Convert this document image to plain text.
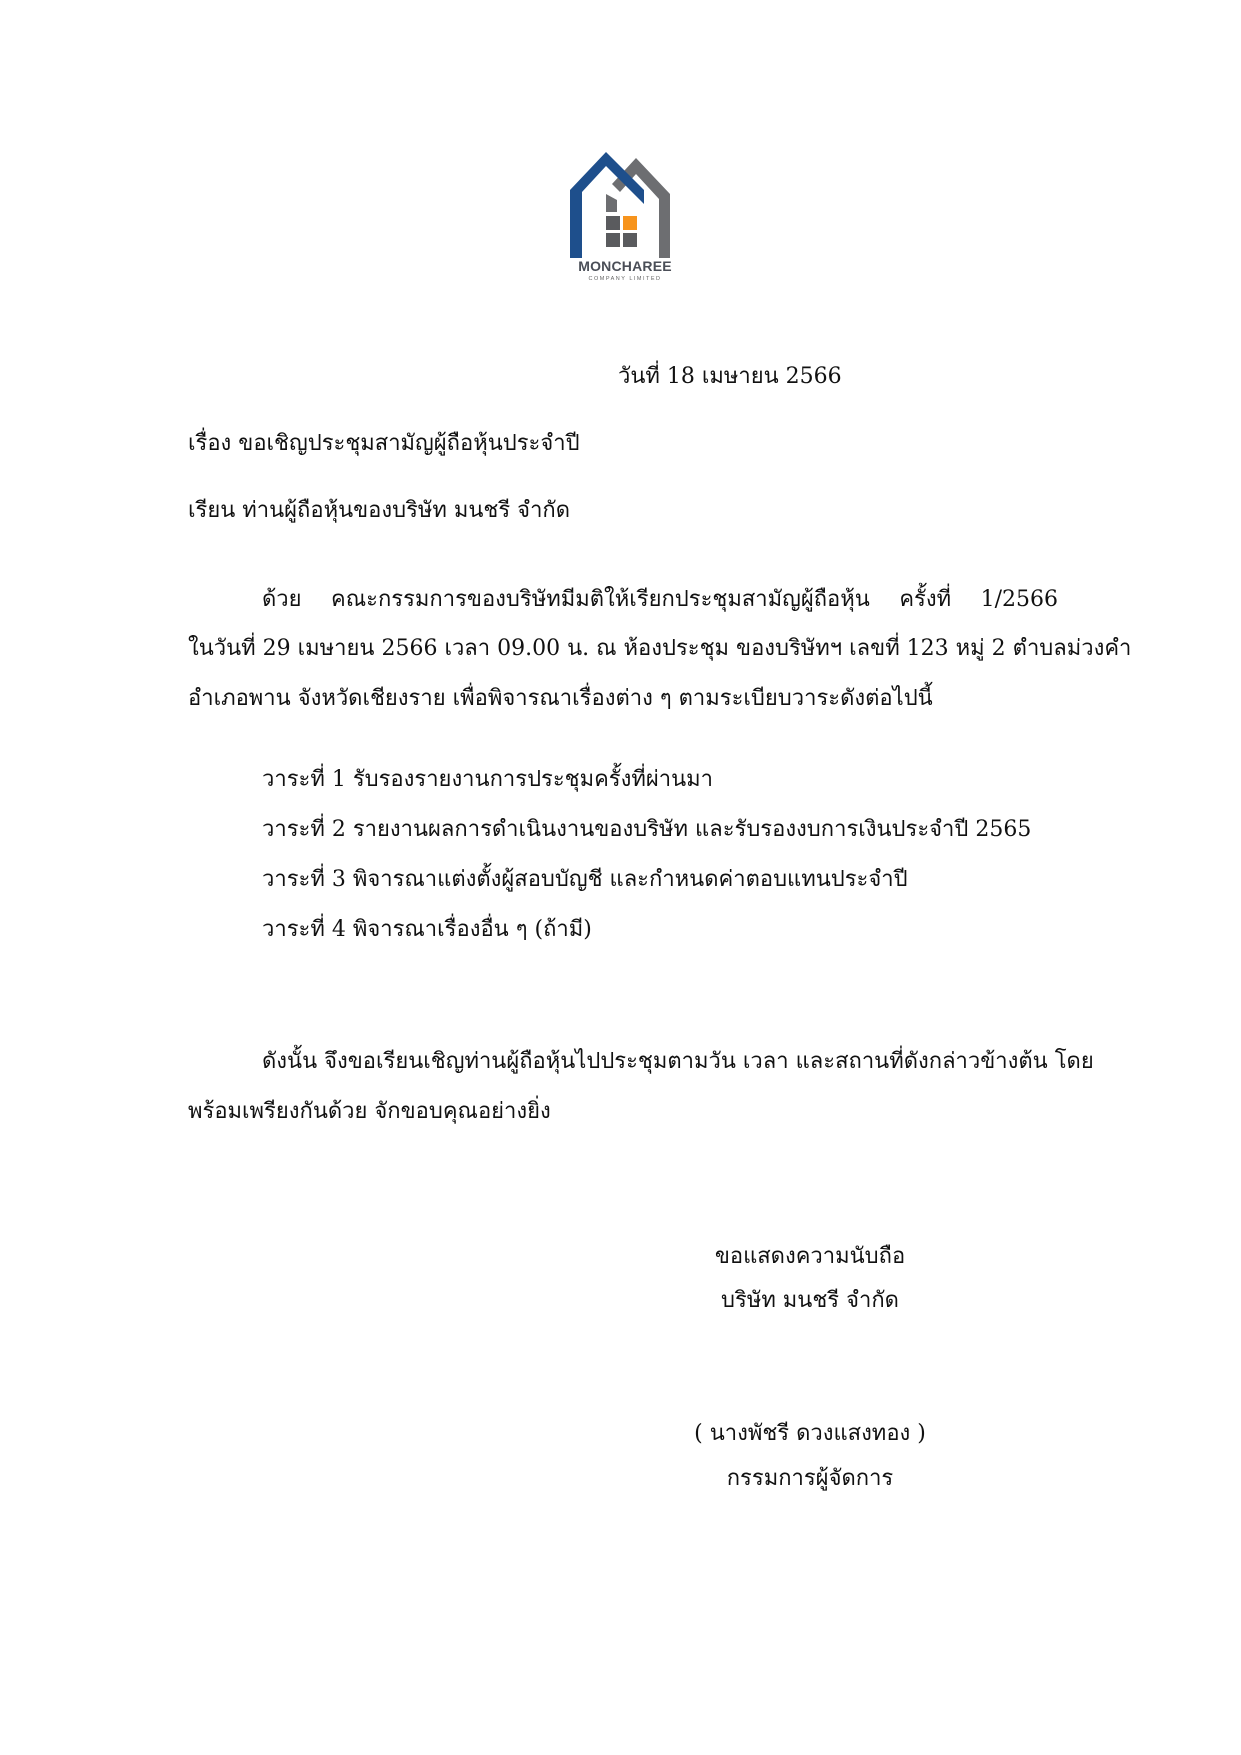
MONCHAREE
COMPANY LIMITED
วันที่ 18 เมษายน 2566
เรื่อง ขอเชิญประชุมสามัญผู้ถือหุ้นประจำปี
เรียน ท่านผู้ถือหุ้นของบริษัท มนชรี จำกัด
ด้วย คณะกรรมการของบริษัทมีมติให้เรียกประชุมสามัญผู้ถือหุ้น ครั้งที่ 1/2566
ในวันที่ 29 เมษายน 2566 เวลา 09.00 น. ณ ห้องประชุม ของบริษัทฯ เลขที่ 123 หมู่ 2 ตำบลม่วงคำ
อำเภอพาน จังหวัดเชียงราย เพื่อพิจารณาเรื่องต่าง ๆ ตามระเบียบวาระดังต่อไปนี้
วาระที่ 1 รับรองรายงานการประชุมครั้งที่ผ่านมา
วาระที่ 2 รายงานผลการดำเนินงานของบริษัท และรับรองงบการเงินประจำปี 2565
วาระที่ 3 พิจารณาแต่งตั้งผู้สอบบัญชี และกำหนดค่าตอบแทนประจำปี
วาระที่ 4 พิจารณาเรื่องอื่น ๆ (ถ้ามี)
ดังนั้น จึงขอเรียนเชิญท่านผู้ถือหุ้นไปประชุมตามวัน เวลา และสถานที่ดังกล่าวข้างต้น โดย
พร้อมเพรียงกันด้วย จักขอบคุณอย่างยิ่ง
ขอแสดงความนับถือ
บริษัท มนชรี จำกัด
( นางพัชรี ดวงแสงทอง )
กรรมการผู้จัดการ
